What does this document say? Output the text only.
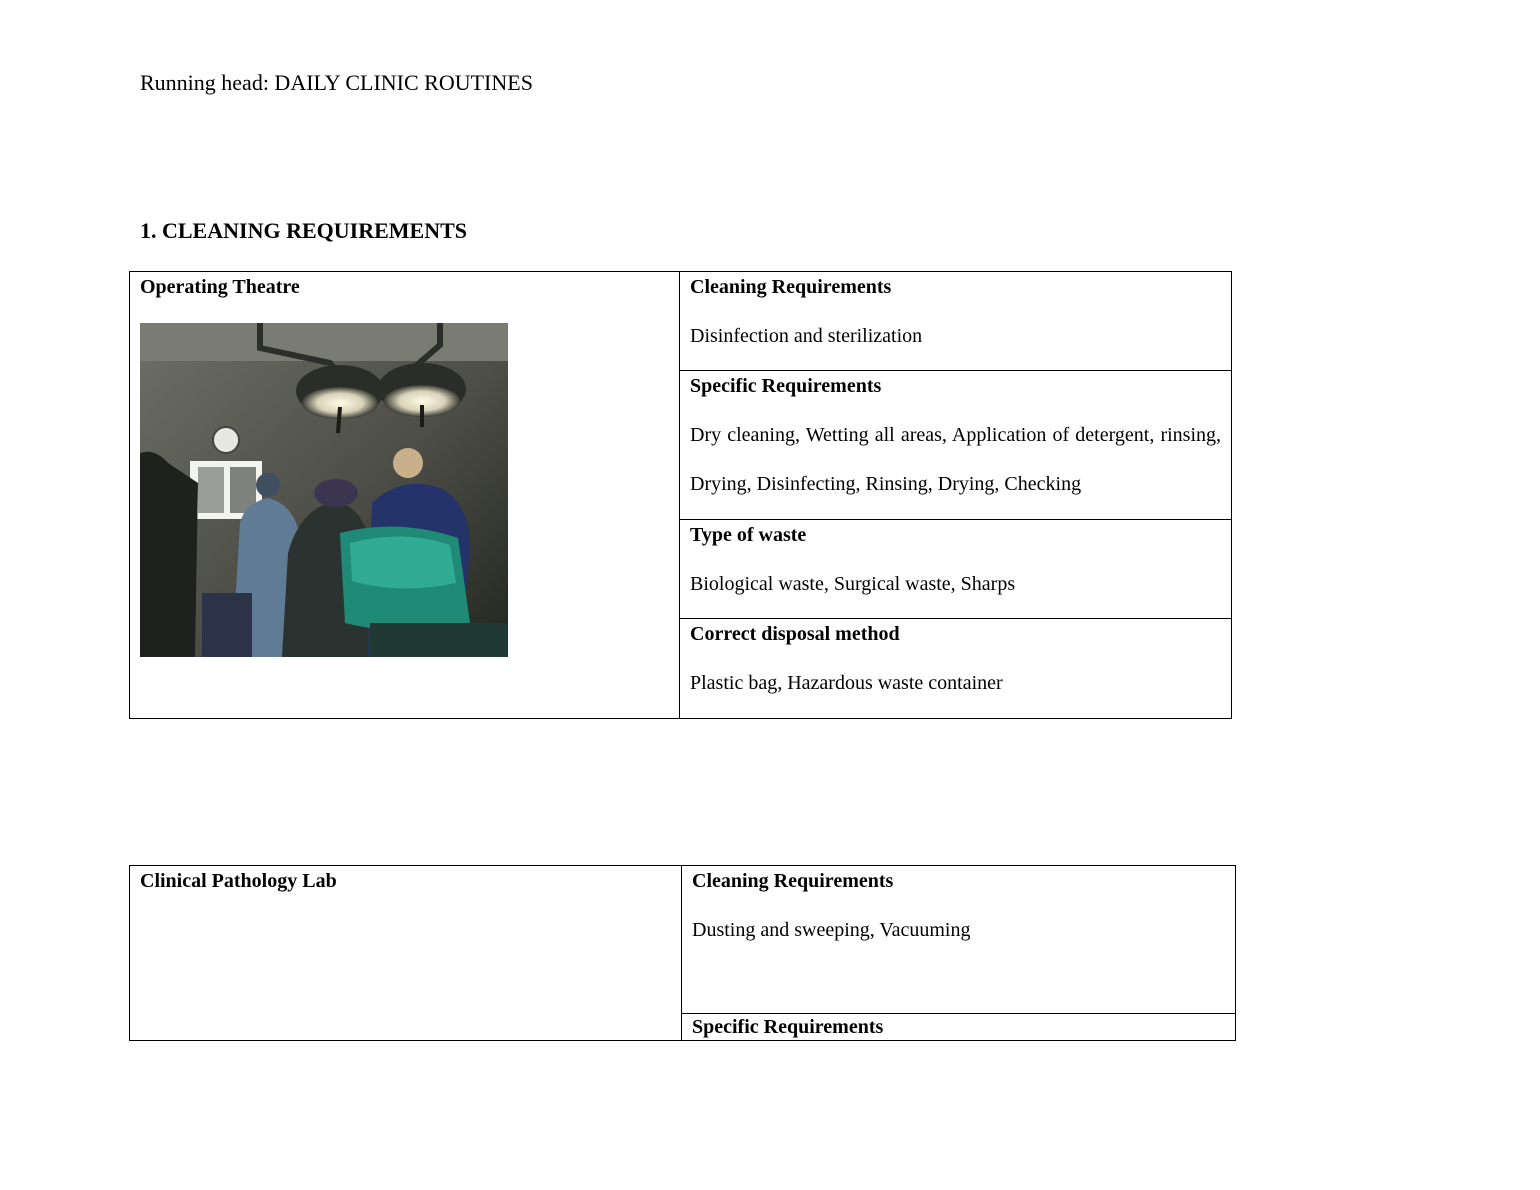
Running head: DAILY CLINIC ROUTINES
1. CLEANING REQUIREMENTS
Operating Theatre	Cleaning Requirements
Disinfection and sterilization

Specific Requirements
Dry cleaning, Wetting all areas, Application of detergent, rinsing, Drying, Disinfecting, Rinsing, Drying, Checking

Type of waste
Biological waste, Surgical waste, Sharps

Correct disposal method
Plastic bag, Hazardous waste container
Clinical Pathology Lab	Cleaning Requirements
Dusting and sweeping, Vacuuming

Specific Requirements
